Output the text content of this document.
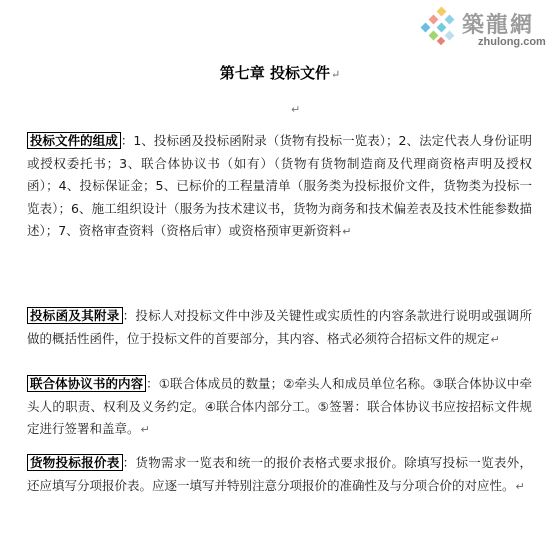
築龍網
zhulong.com
第七章 投标文件↵
↵
投标文件的组成 ：1、投标函及投标函附录（货物有投标一览表）；2、法定代表人身份证明或授权委托书；3、联合体协议书（如有）（货物有货物制造商及代理商资格声明及授权函）；4、投标保证金；5、已标价的工程量清单（服务类为投标报价文件，货物类为投标一览表）；6、施工组织设计（服务为技术建议书，货物为商务和技术偏差表及技术性能参数描述）；7、资格审查资料（资格后审）或资格预审更新资料↵
投标函及其附录 ：投标人对投标文件中涉及关键性或实质性的内容条款进行说明或强调所做的概括性函件，位于投标文件的首要部分，其内容、格式必须符合招标文件的规定↵
联合体协议书的内容 ：①联合体成员的数量；②牵头人和成员单位名称。③联合体协议中牵头人的职责、权利及义务约定。④联合体内部分工。⑤签署：联合体协议书应按招标文件规定进行签署和盖章。↵
货物投标报价表 ：货物需求一览表和统一的报价表格式要求报价。除填写投标一览表外，还应填写分项报价表。应逐一填写并特别注意分项报价的准确性及与分项合价的对应性。↵
